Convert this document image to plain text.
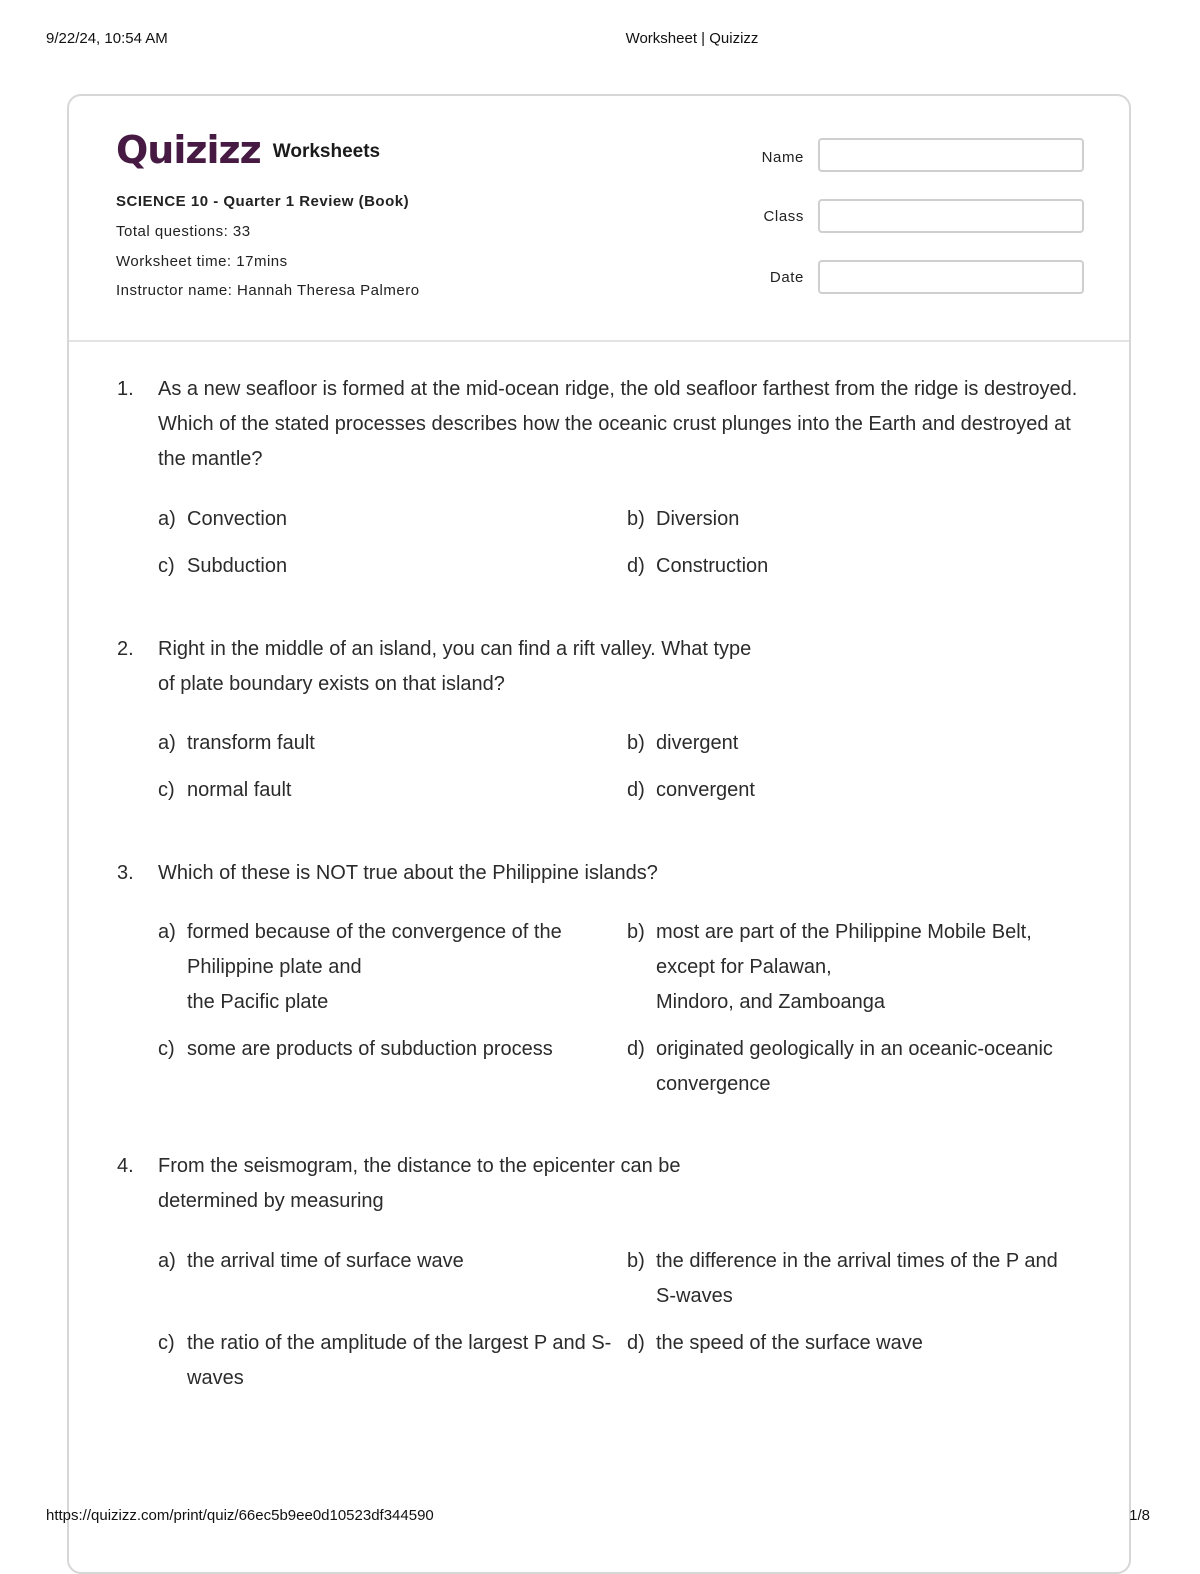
9/22/24, 10:54 AM	Worksheet | Quizizz
Quizizz Worksheets
SCIENCE 10 - Quarter 1 Review (Book)
Total questions: 33
Worksheet time: 17mins
Instructor name: Hannah Theresa Palmero
Name
Class
Date
1.	As a new seafloor is formed at the mid-ocean ridge, the old seafloor farthest from the ridge is destroyed.
Which of the stated processes describes how the oceanic crust plunges into the Earth and destroyed at
the mantle?
a) Convection	b) Diversion
c) Subduction	d) Construction
2.	Right in the middle of an island, you can find a rift valley. What type
of plate boundary exists on that island?
a) transform fault	b) divergent
c) normal fault	d) convergent
3.	Which of these is NOT true about the Philippine islands?
a) formed because of the convergence of the
Philippine plate and
the Pacific plate
b) most are part of the Philippine Mobile Belt,
except for Palawan,
Mindoro, and Zamboanga
c) some are products of subduction process	d) originated geologically in an oceanic-oceanic
convergence
4.	From the seismogram, the distance to the epicenter can be
determined by measuring
a) the arrival time of surface wave	b) the difference in the arrival times of the P and
S-waves
c) the ratio of the amplitude of the largest P and S-
waves
d) the speed of the surface wave
https://quizizz.com/print/quiz/66ec5b9ee0d10523df344590	1/8
